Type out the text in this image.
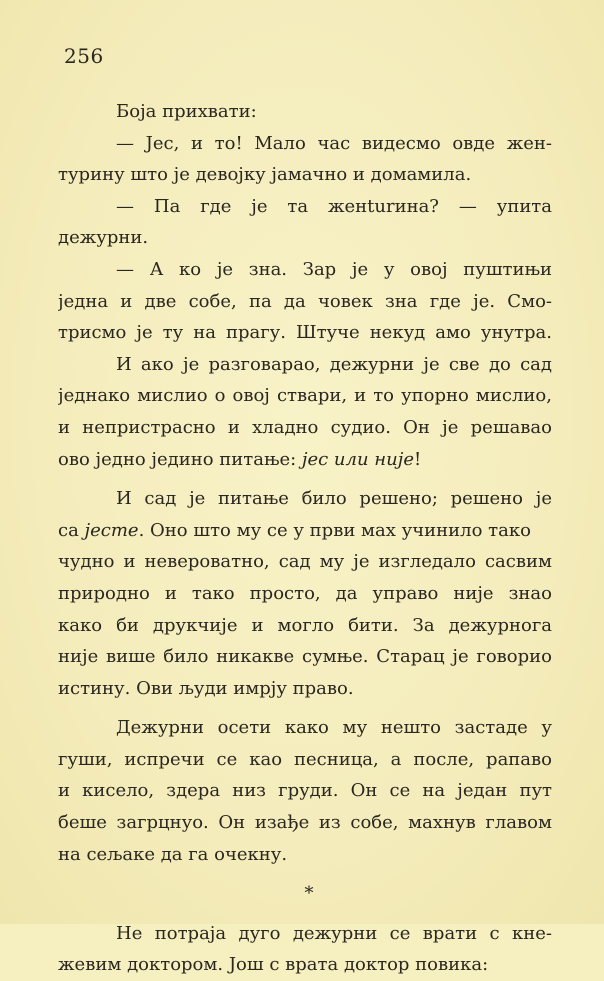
256
Боја прихвати:
— Јес, и то! Мало час видесмо овде жен-
турину што је девојку јамачно и домамила.
— Па где је та женturина? — упита
дежурни.
— А ко је зна. Зар је у овој пуштињи
једна и две собе, па да човек зна где је. Смо-
трисмо је ту на прагу. Штуче некуд амо унутра.
И ако је разговарао, дежурни је све до сад
једнако мислио о овој ствари, и то упорно мислио,
и непристрасно и хладно судио. Он је решавао
ово једно једино питање: јес или није!
И сад је питање било решено; решено је
са јесте. Оно што му се у први мах учинило тако
чудно и невероватно, сад му је изгледало сасвим
природно и тако просто, да управо није знао
како би друкчије и могло бити. За дежурнога
није више било никакве сумње. Старац је говорио
истину. Ови људи имрју право.
Дежурни осети како му нешто застаде у
гуши, испречи се као песница, а после, рапаво
и кисело, здера низ груди. Он се на један пут
беше загрцнуо. Он изађе из собе, махнув главом
на сељаке да га очекну.
*
Не потраја дуго дежурни се врати с кне-
жевим доктором. Још с врата доктор повика:
